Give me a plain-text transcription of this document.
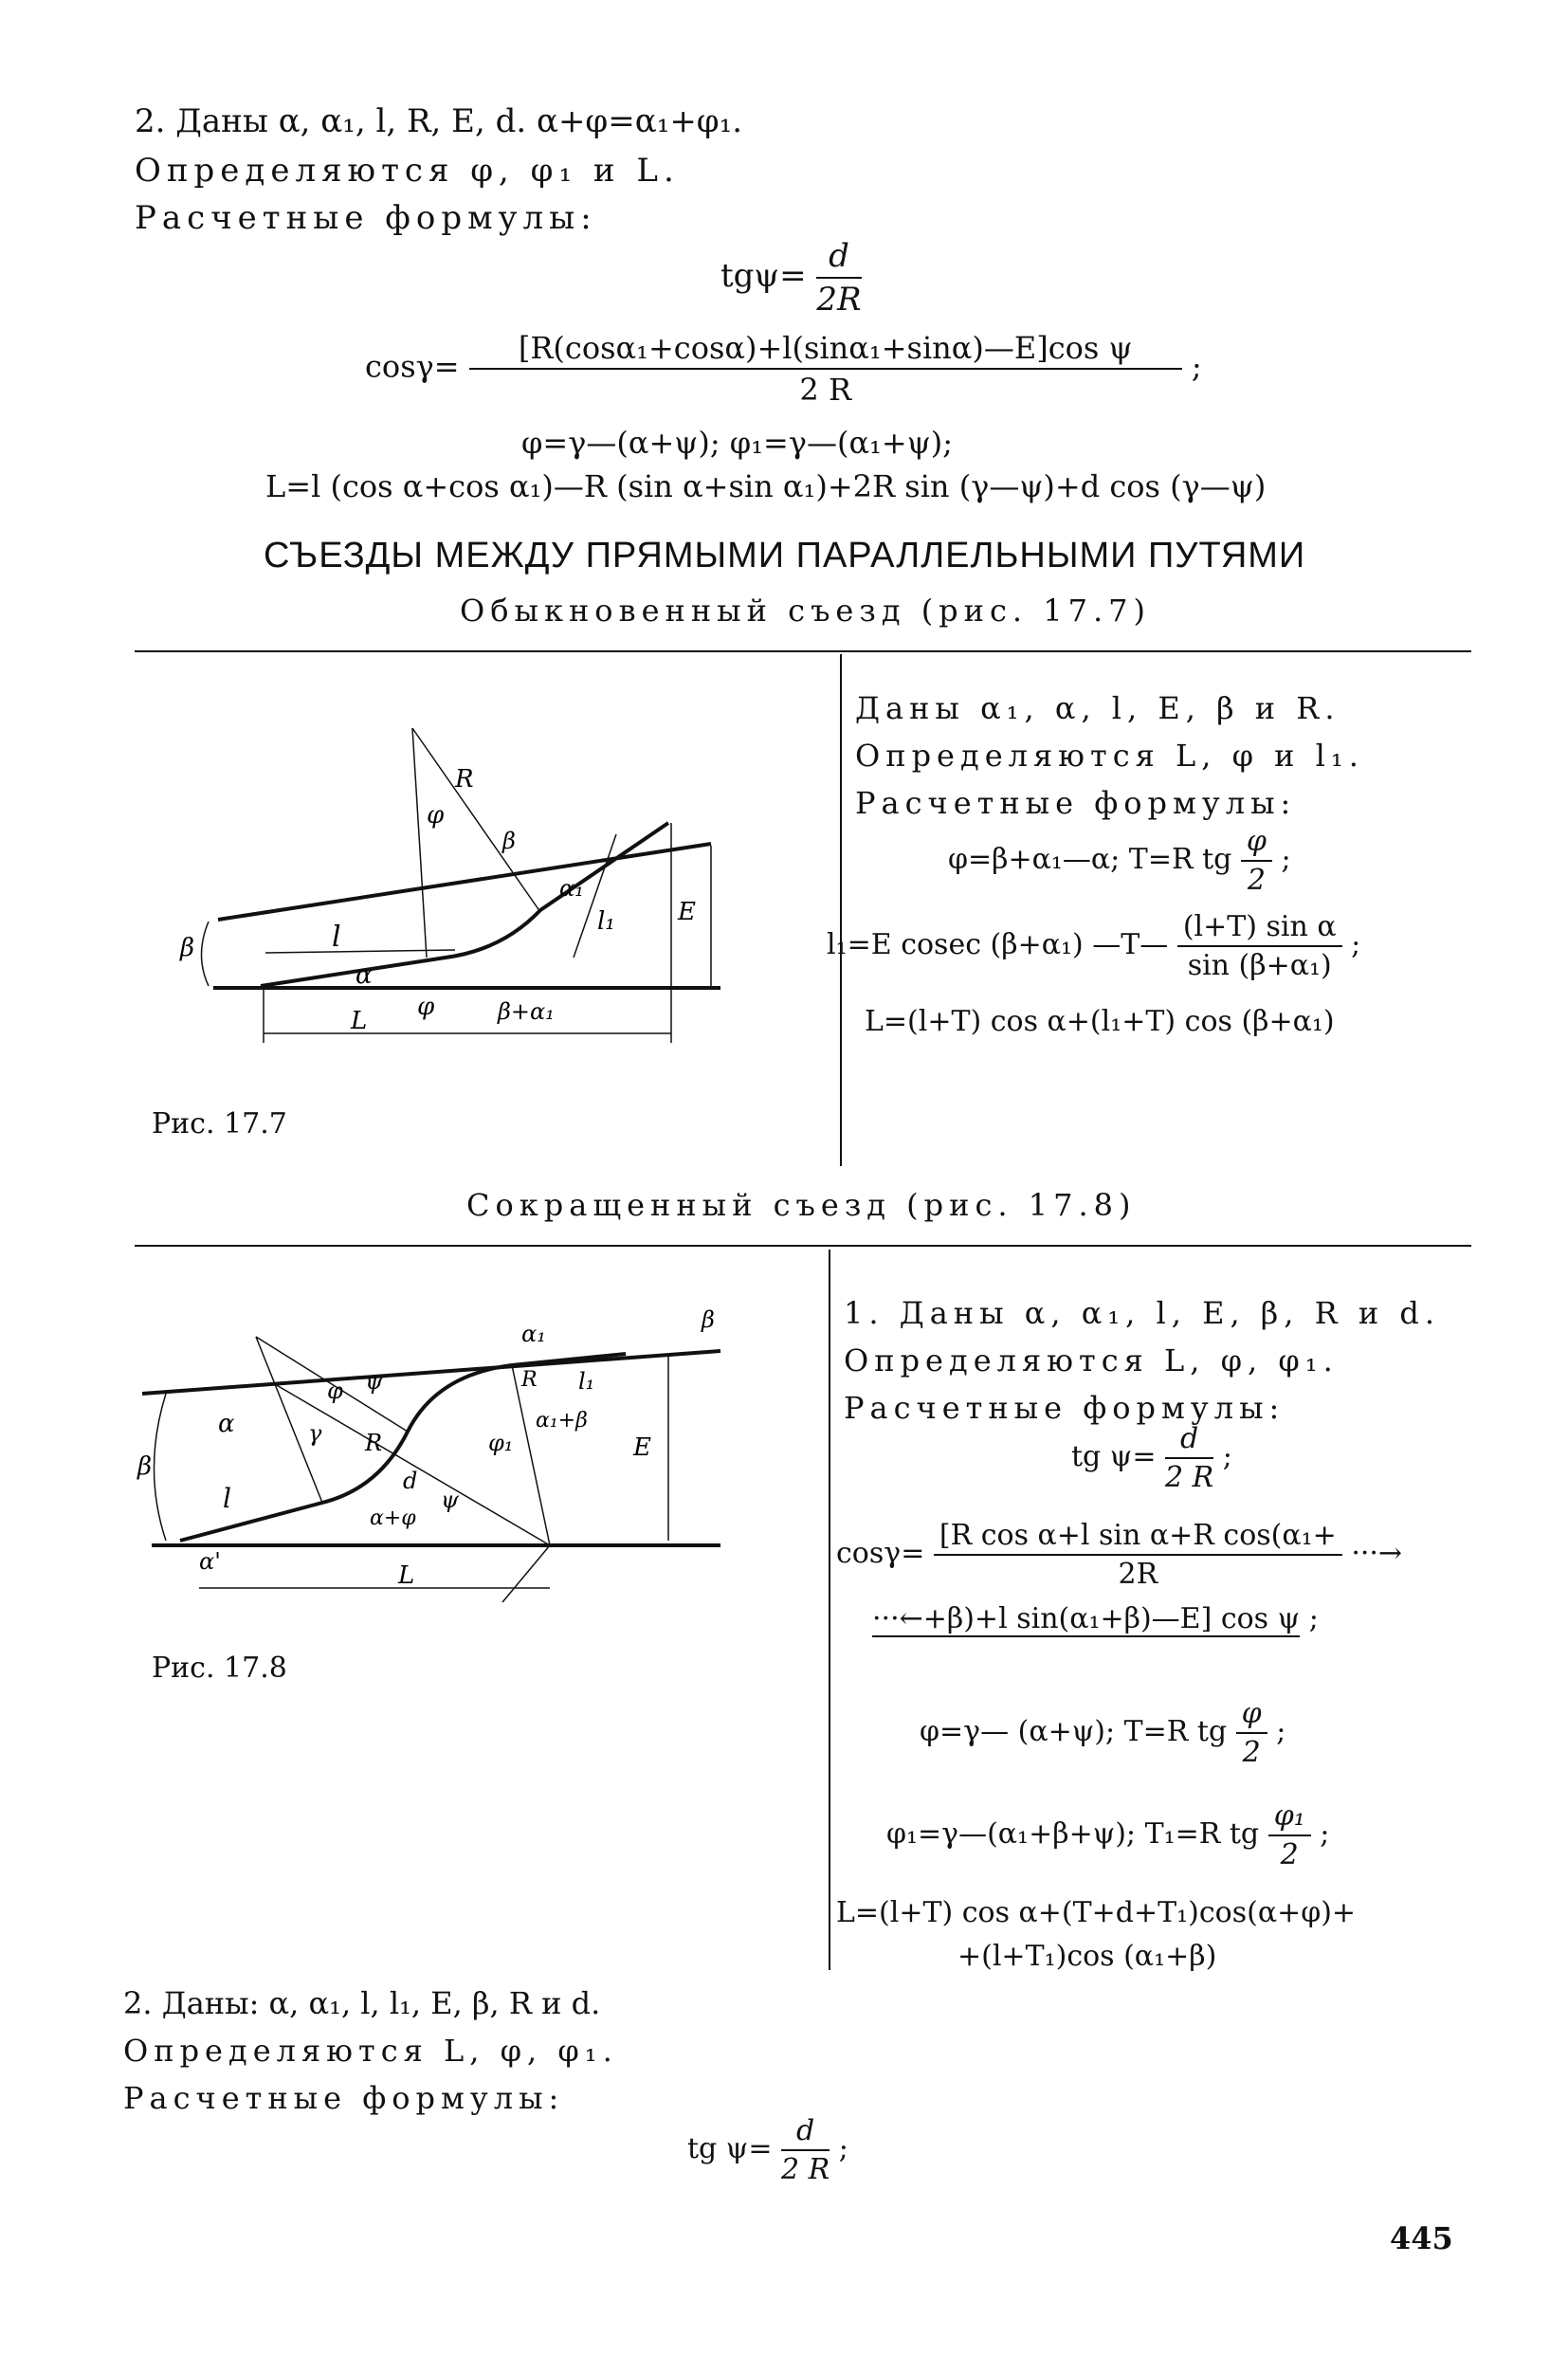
2. Даны α, α₁, l, R, E, d. α+φ=α₁+φ₁.
Определяются φ, φ₁ и L.
Расчетные формулы:
$tg\psi= \frac{d}{2R}$
$\cos\gamma= \frac{\text{[R(cosα₁+cosα)+l(sinα₁+sinα)—E]cos ψ}}{2 R}$ ;
φ=γ—(α+ψ); φ₁=γ—(α₁+ψ);
L=l (cos α+cos α₁)—R (sin α+sin α₁)+2R sin (γ—ψ)+d cos (γ—ψ)
СЪЕЗДЫ МЕЖДУ ПРЯМЫМИ ПАРАЛЛЕЛЬНЫМИ ПУТЯМИ
Обыкновенный съезд (рис. 17.7)
β	l
α
L φ
R
φ
β
α₁
l₁	E
β+α₁
Рис. 17.7
Даны α₁, α, l, E, β и R.
Определяются L, φ и l₁.
Расчетные формулы:
φ=β+α₁—α; T=R tg $\frac{\varphi}{2}$ ;
l₁=E cosec (β+α₁) —T— $\frac{\text{(l+T) sin α}}{\text{sin (β+α₁)}}$ ;
L=(l+T) cos α+(l₁+T) cos (β+α₁)
Сокращенный съезд (рис. 17.8)
β
α
l
α'	L
φ ψ
γ R
d
α+φ
ψ
φ₁
α₁+β
α₁
R l₁
E
β
Рис. 17.8
1. Даны α, α₁, l, E, β, R и d.
Определяются L, φ, φ₁.
Расчетные формулы:
tg $\psi= \frac{d}{2 R}$ ;
$\cos\gamma= \frac{\text{[R cos α+l sin α+R cos(α₁+}}{2R}$ ···→
···←+β)+l sin(α₁+β)—E] cos ψ ;
φ=γ— (α+ψ); T=R tg $\frac{\varphi}{2}$ ;
φ₁=γ—(α₁+β+ψ); T₁=R tg $\frac{\text{φ₁}}{2}$ ;
L=(l+T) cos α+(T+d+T₁)cos(α+φ)+
+(l+T₁)cos (α₁+β)
2. Даны: α, α₁, l, l₁, E, β, R и d.
Определяются L, φ, φ₁.
Расчетные формулы:
tg $\psi= \frac{d}{2 R}$ ;
445
